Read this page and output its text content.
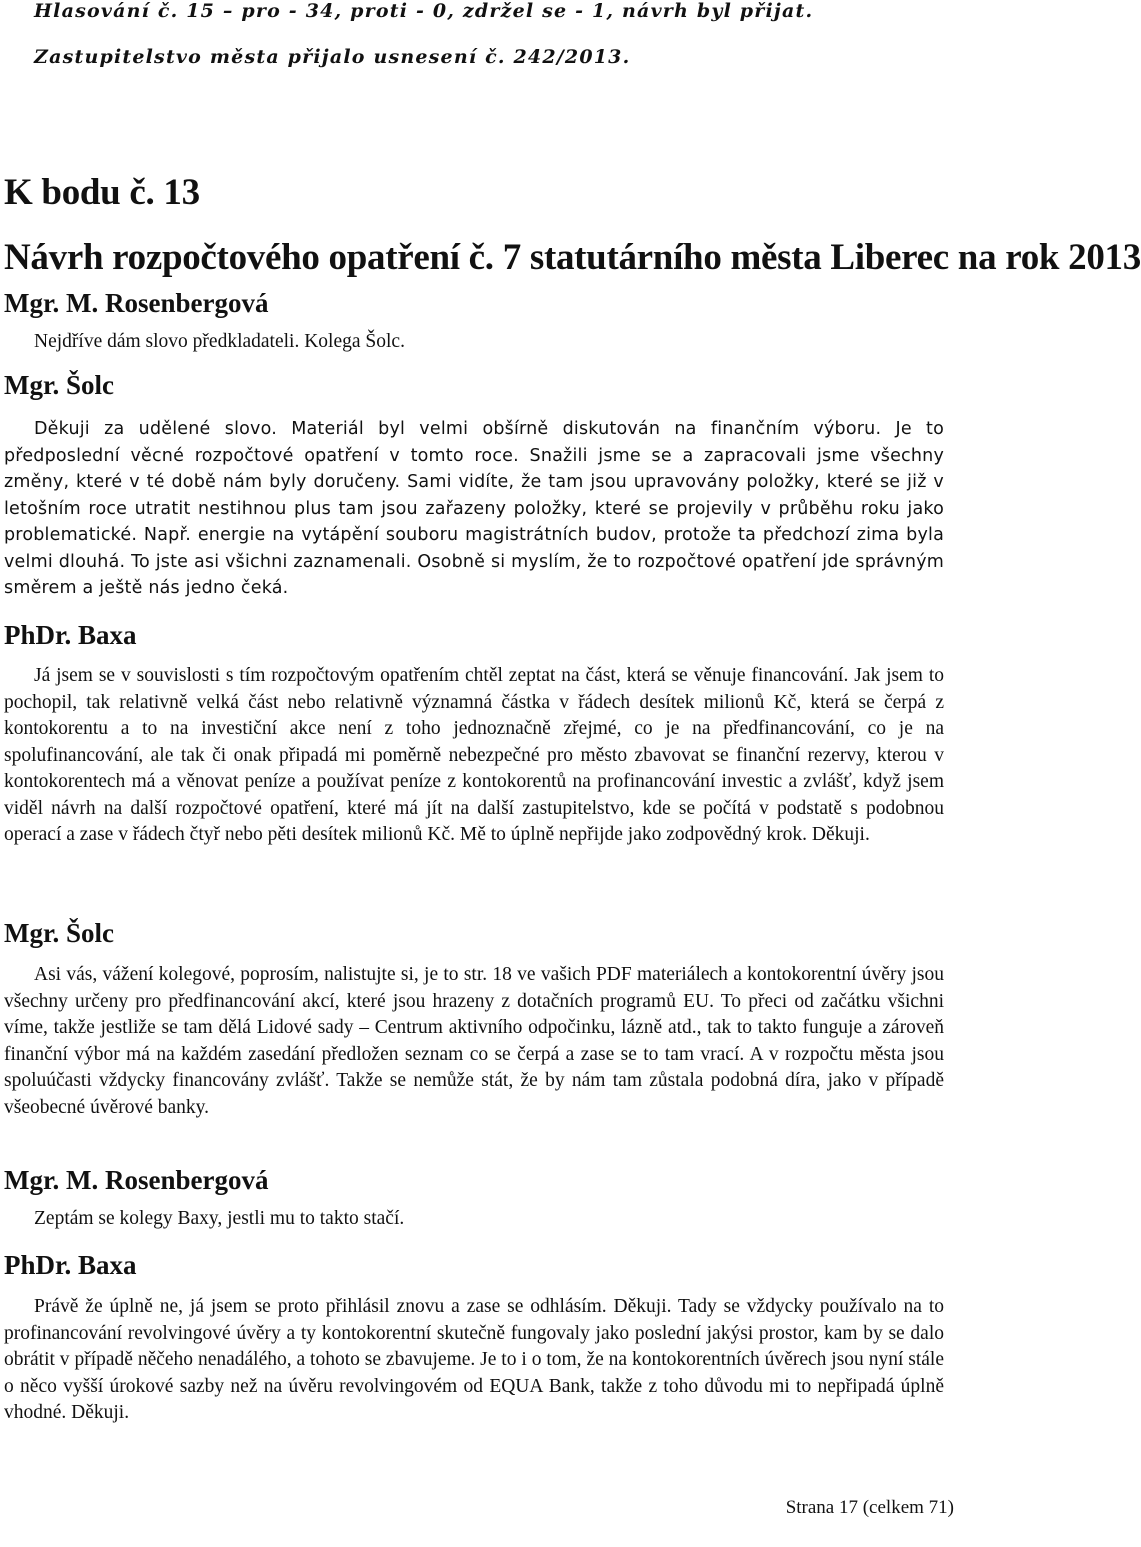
Hlasování č. 15 – pro - 34, proti - 0, zdržel se - 1, návrh byl přijat.

Zastupitelstvo města přijalo usnesení č. 242/2013.

K bodu č. 13
Návrh rozpočtového opatření č. 7 statutárního města Liberec na rok 2013
Mgr. M. Rosenbergová

Nejdříve dám slovo předkladateli. Kolega Šolc.

Mgr. Šolc

Děkuji za udělené slovo. Materiál byl velmi obšírně diskutován na finančním výboru. Je to předposlední věcné rozpočtové opatření v tomto roce. Snažili jsme se a zapracovali jsme všechny změny, které v té době nám byly doručeny. Sami vidíte, že tam jsou upravovány položky, které se již v letošním roce utratit nestihnou plus tam jsou zařazeny položky, které se projevily v průběhu roku jako problematické. Např. energie na vytápění souboru magistrátních budov, protože ta předchozí zima byla velmi dlouhá. To jste asi všichni zaznamenali. Osobně si myslím, že to rozpočtové opatření jde správným směrem a ještě nás jedno čeká.

PhDr. Baxa

Já jsem se v souvislosti s tím rozpočtovým opatřením chtěl zeptat na část, která se věnuje financování. Jak jsem to pochopil, tak relativně velká část nebo relativně významná částka v řádech desítek milionů Kč, která se čerpá z kontokorentu a to na investiční akce není z toho jednoznačně zřejmé, co je na předfinancování, co je na spolufinancování, ale tak či onak připadá mi poměrně nebezpečné pro město zbavovat se finanční rezervy, kterou v kontokorentech má a věnovat peníze a používat peníze z kontokorentů na profinancování investic a zvlášť, když jsem viděl návrh na další rozpočtové opatření, které má jít na další zastupitelstvo, kde se počítá v podstatě s podobnou operací a zase v řádech čtyř nebo pěti desítek milionů Kč. Mě to úplně nepřijde jako zodpovědný krok. Děkuji.

Mgr. Šolc

Asi vás, vážení kolegové, poprosím, nalistujte si, je to str. 18 ve vašich PDF materiálech a kontokorentní úvěry jsou všechny určeny pro předfinancování akcí, které jsou hrazeny z dotačních programů EU. To přeci od začátku všichni víme, takže jestliže se tam dělá Lidové sady – Centrum aktivního odpočinku, lázně atd., tak to takto funguje a zároveň finanční výbor má na každém zasedání předložen seznam co se čerpá a zase se to tam vrací. A v rozpočtu města jsou spoluúčasti vždycky financovány zvlášť. Takže se nemůže stát, že by nám tam zůstala podobná díra, jako v případě všeobecné úvěrové banky.

Mgr. M. Rosenbergová

Zeptám se kolegy Baxy, jestli mu to takto stačí.

PhDr. Baxa

Právě že úplně ne, já jsem se proto přihlásil znovu a zase se odhlásím. Děkuji. Tady se vždycky používalo na to profinancování revolvingové úvěry a ty kontokorentní skutečně fungovaly jako poslední jakýsi prostor, kam by se dalo obrátit v případě něčeho nenadálého, a tohoto se zbavujeme. Je to i o tom, že na kontokorentních úvěrech jsou nyní stále o něco vyšší úrokové sazby než na úvěru revolvingovém od EQUA Bank, takže z toho důvodu mi to nepřipadá úplně vhodné. Děkuji.

Strana 17 (celkem 71)
